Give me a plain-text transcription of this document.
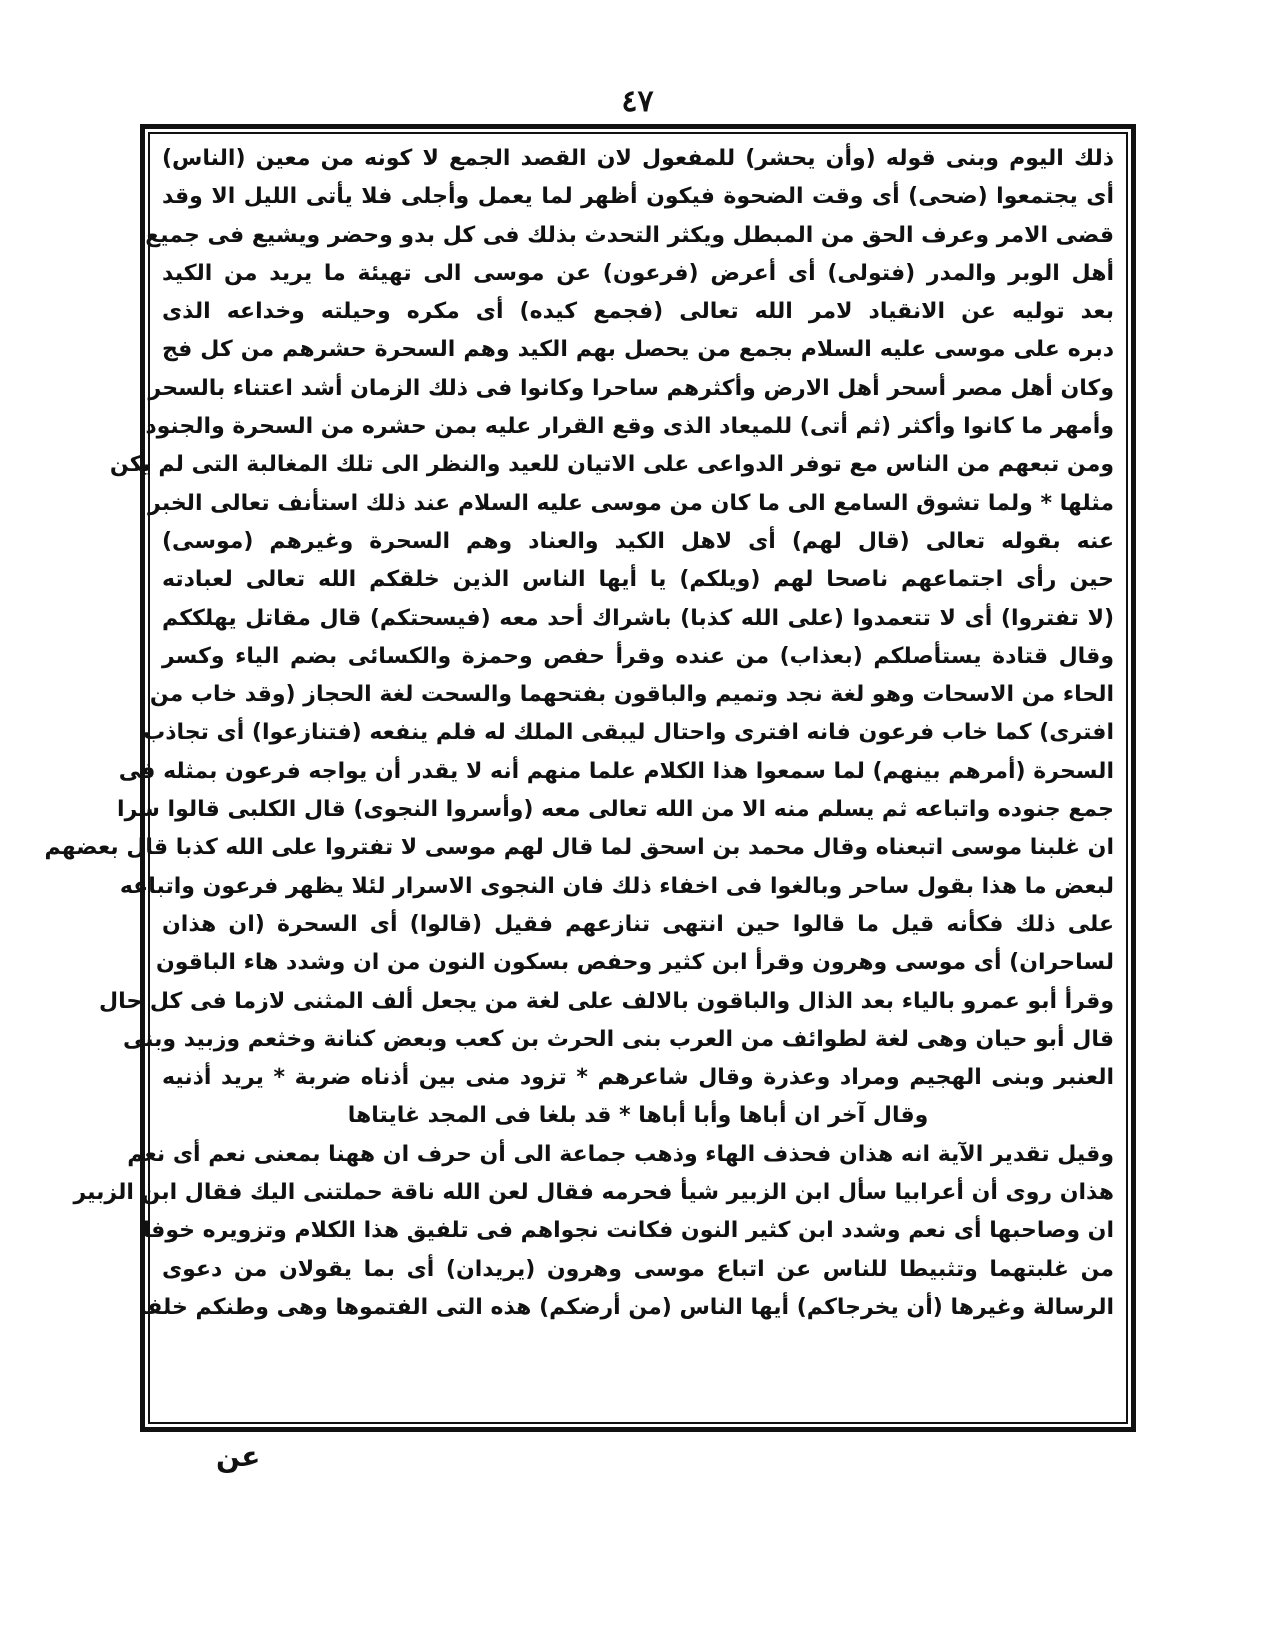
٤٧
ذلك اليوم وبنى قوله (وأن يحشر) للمفعول لان القصد الجمع لا كونه من معين (الناس)
أى يجتمعوا (ضحى) أى وقت الضحوة فيكون أظهر لما يعمل وأجلى فلا يأتى الليل الا وقد
قضى الامر وعرف الحق من المبطل ويكثر التحدث بذلك فى كل بدو وحضر ويشيع فى جميع
أهل الوبر والمدر (فتولى) أى أعرض (فرعون) عن موسى الى تهيئة ما يريد من الكيد
بعد توليه عن الانقياد لامر الله تعالى (فجمع كيده) أى مكره وحيلته وخداعه الذى
دبره على موسى عليه السلام بجمع من يحصل بهم الكيد وهم السحرة حشرهم من كل فج
وكان أهل مصر أسحر أهل الارض وأكثرهم ساحرا وكانوا فى ذلك الزمان أشد اعتناء بالسحر
وأمهر ما كانوا وأكثر (ثم أتى) للميعاد الذى وقع القرار عليه بمن حشره من السحرة والجنود
ومن تبعهم من الناس مع توفر الدواعى على الاتيان للعيد والنظر الى تلك المغالبة التى لم يكن
مثلها * ولما تشوق السامع الى ما كان من موسى عليه السلام عند ذلك استأنف تعالى الخبر
عنه بقوله تعالى (قال لهم) أى لاهل الكيد والعناد وهم السحرة وغيرهم (موسى)
حين رأى اجتماعهم ناصحا لهم (ويلكم) يا أيها الناس الذين خلقكم الله تعالى لعبادته
(لا تفتروا) أى لا تتعمدوا (على الله كذبا) باشراك أحد معه (فيسحتكم) قال مقاتل يهلككم
وقال قتادة يستأصلكم (بعذاب) من عنده وقرأ حفص وحمزة والكسائى بضم الياء وكسر
الحاء من الاسحات وهو لغة نجد وتميم والباقون بفتحهما والسحت لغة الحجاز (وقد خاب من
افترى) كما خاب فرعون فانه افترى واحتال ليبقى الملك له فلم ينفعه (فتنازعوا) أى تجاذب
السحرة (أمرهم بينهم) لما سمعوا هذا الكلام علما منهم أنه لا يقدر أن يواجه فرعون بمثله فى
جمع جنوده واتباعه ثم يسلم منه الا من الله تعالى معه (وأسروا النجوى) قال الكلبى قالوا سرا
ان غلبنا موسى اتبعناه وقال محمد بن اسحق لما قال لهم موسى لا تفتروا على الله كذبا قال بعضهم
لبعض ما هذا بقول ساحر وبالغوا فى اخفاء ذلك فان النجوى الاسرار لئلا يظهر فرعون واتباعه
على ذلك فكأنه قيل ما قالوا حين انتهى تنازعهم فقيل (قالوا) أى السحرة (ان هذان
لساحران) أى موسى وهرون وقرأ ابن كثير وحفص بسكون النون من ان وشدد هاء الباقون
وقرأ أبو عمرو بالياء بعد الذال والباقون بالالف على لغة من يجعل ألف المثنى لازما فى كل حال
قال أبو حيان وهى لغة لطوائف من العرب بنى الحرث بن كعب وبعض كنانة وخثعم وزبيد وبنى
العنبر وبنى الهجيم ومراد وعذرة وقال شاعرهم * تزود منى بين أذناه ضربة * يريد أذنيه
وقال آخر ان أباها وأبا أباها * قد بلغا فى المجد غايتاها
وقيل تقدير الآية انه هذان فحذف الهاء وذهب جماعة الى أن حرف ان ههنا بمعنى نعم أى نعم
هذان روى أن أعرابيا سأل ابن الزبير شيأ فحرمه فقال لعن الله ناقة حملتنى اليك فقال ابن الزبير
ان وصاحبها أى نعم وشدد ابن كثير النون فكانت نجواهم فى تلفيق هذا الكلام وتزويره خوفا
من غلبتهما وتثبيطا للناس عن اتباع موسى وهرون (يريدان) أى بما يقولان من دعوى
الرسالة وغيرها (أن يخرجاكم) أيها الناس (من أرضكم) هذه التى الفتموها وهى وطنكم خلفا
عن
